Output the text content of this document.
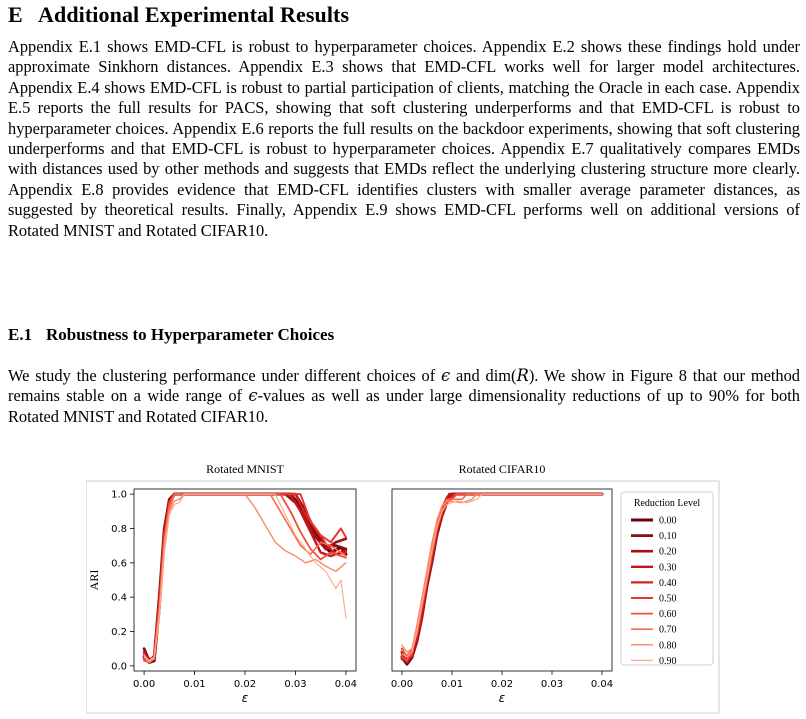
E Additional Experimental Results

Appendix E.1 shows EMD-CFL is robust to hyperparameter choices. Appendix E.2 shows these findings hold under approximate Sinkhorn distances. Appendix E.3 shows that EMD-CFL works well for larger model architectures. Appendix E.4 shows EMD-CFL is robust to partial participation of clients, matching the Oracle in each case. Appendix E.5 reports the full results for PACS, showing that soft clustering underperforms and that EMD-CFL is robust to hyperparameter choices. Appendix E.6 reports the full results on the backdoor experiments, showing that soft clustering underperforms and that EMD-CFL is robust to hyperparameter choices. Appendix E.7 qualitatively compares EMDs with distances used by other methods and suggests that EMDs reflect the underlying clustering structure more clearly. Appendix E.8 provides evidence that EMD-CFL identifies clusters with smaller average parameter distances, as suggested by theoretical results. Finally, Appendix E.9 shows EMD-CFL performs well on additional versions of Rotated MNIST and Rotated CIFAR10.

E.1 Robustness to Hyperparameter Choices

We study the clustering performance under different choices of ϵ and dim(R). We show in Figure 8 that our method remains stable on a wide range of ϵ-values as well as under large dimensionality reductions of up to 90% for both Rotated MNIST and Rotated CIFAR10.

Rotated MNIST
0.00	0.01	0.02	0.03	0.04
0.0
0.2
0.4
0.6
0.8
1.0
ε
ARI
Rotated CIFAR10
0.00	0.01	0.02	0.03	0.04
ε
Reduction Level
0.00
0.10
0.20
0.30
0.40
0.50
0.60
0.70
0.80
0.90
